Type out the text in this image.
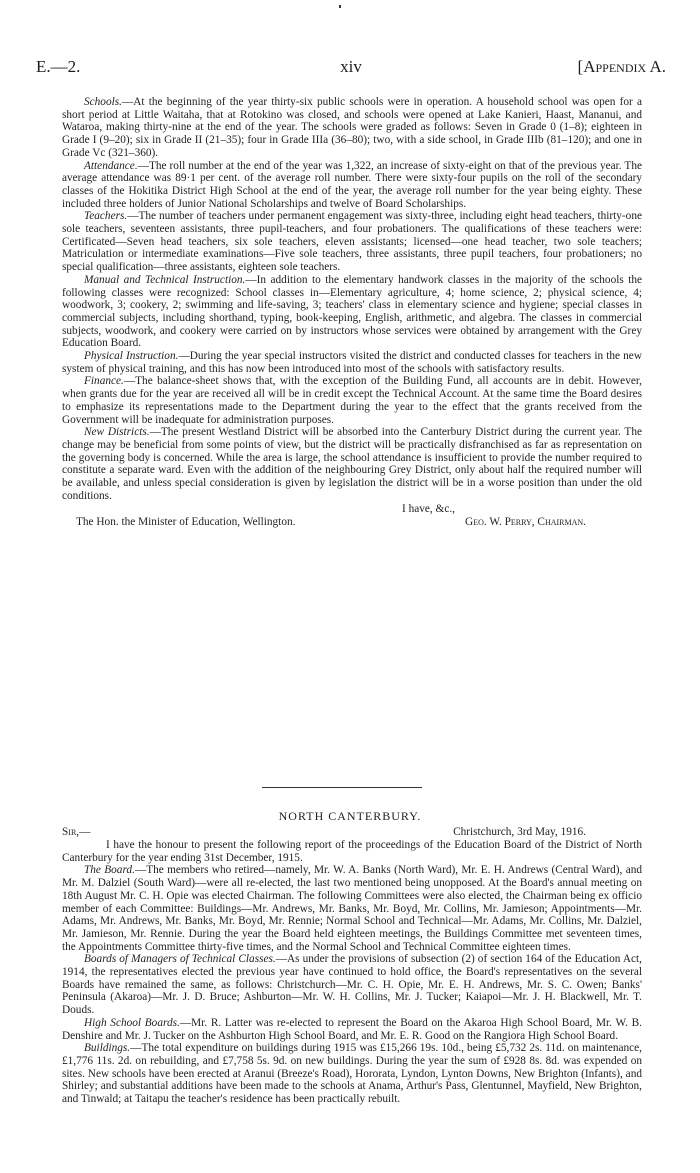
E.—2.	xiv	[Appendix A.

Schools.—At the beginning of the year thirty-six public schools were in operation. A household school was open for a short period at Little Waitaha, that at Rotokino was closed, and schools were opened at Lake Kanieri, Haast, Mananui, and Wataroa, making thirty-nine at the end of the year. The schools were graded as follows: Seven in Grade 0 (1–8); eighteen in Grade I (9–20); six in Grade II (21–35); four in Grade IIIa (36–80); two, with a side school, in Grade IIIb (81–120); and one in Grade Vc (321–360).

Attendance.—The roll number at the end of the year was 1,322, an increase of sixty-eight on that of the previous year. The average attendance was 89·1 per cent. of the average roll number. There were sixty-four pupils on the roll of the secondary classes of the Hokitika District High School at the end of the year, the average roll number for the year being eighty. These included three holders of Junior National Scholarships and twelve of Board Scholarships.

Teachers.—The number of teachers under permanent engagement was sixty-three, including eight head teachers, thirty-one sole teachers, seventeen assistants, three pupil-teachers, and four probationers. The qualifications of these teachers were: Certificated—Seven head teachers, six sole teachers, eleven assistants; licensed—one head teacher, two sole teachers; Matriculation or intermediate examinations—Five sole teachers, three assistants, three pupil teachers, four probationers; no special qualification—three assistants, eighteen sole teachers.

Manual and Technical Instruction.—In addition to the elementary handwork classes in the majority of the schools the following classes were recognized: School classes in—Elementary agriculture, 4; home science, 2; physical science, 4; woodwork, 3; cookery, 2; swimming and life-saving, 3; teachers' class in elementary science and hygiene; special classes in commercial subjects, including shorthand, typing, book-keeping, English, arithmetic, and algebra. The classes in commercial subjects, woodwork, and cookery were carried on by instructors whose services were obtained by arrangement with the Grey Education Board.

Physical Instruction.—During the year special instructors visited the district and conducted classes for teachers in the new system of physical training, and this has now been introduced into most of the schools with satisfactory results.

Finance.—The balance-sheet shows that, with the exception of the Building Fund, all accounts are in debit. However, when grants due for the year are received all will be in credit except the Technical Account. At the same time the Board desires to emphasize its representations made to the Department during the year to the effect that the grants received from the Government will be inadequate for administration purposes.

New Districts.—The present Westland District will be absorbed into the Canterbury District during the current year. The change may be beneficial from some points of view, but the district will be practically disfranchised as far as representation on the governing body is concerned. While the area is large, the school attendance is insufficient to provide the number required to constitute a separate ward. Even with the addition of the neighbouring Grey District, only about half the required number will be available, and unless special consideration is given by legislation the district will be in a worse position than under the old conditions.

I have, &c.,
The Hon. the Minister of Education, Wellington.	Geo. W. Perry, Chairman.
NORTH CANTERBURY.
Sir,—	Christchurch, 3rd May, 1916.

I have the honour to present the following report of the proceedings of the Education Board of the District of North Canterbury for the year ending 31st December, 1915.

The Board.—The members who retired—namely, Mr. W. A. Banks (North Ward), Mr. E. H. Andrews (Central Ward), and Mr. M. Dalziel (South Ward)—were all re-elected, the last two mentioned being unopposed. At the Board's annual meeting on 18th August Mr. C. H. Opie was elected Chairman. The following Committees were also elected, the Chairman being ex officio member of each Committee: Buildings—Mr. Andrews, Mr. Banks, Mr. Boyd, Mr. Collins, Mr. Jamieson; Appointments—Mr. Adams, Mr. Andrews, Mr. Banks, Mr. Boyd, Mr. Rennie; Normal School and Technical—Mr. Adams, Mr. Collins, Mr. Dalziel, Mr. Jamieson, Mr. Rennie. During the year the Board held eighteen meetings, the Buildings Committee met seventeen times, the Appointments Committee thirty-five times, and the Normal School and Technical Committee eighteen times.

Boards of Managers of Technical Classes.—As under the provisions of subsection (2) of section 164 of the Education Act, 1914, the representatives elected the previous year have continued to hold office, the Board's representatives on the several Boards have remained the same, as follows: Christchurch—Mr. C. H. Opie, Mr. E. H. Andrews, Mr. S. C. Owen; Banks' Peninsula (Akaroa)—Mr. J. D. Bruce; Ashburton—Mr. W. H. Collins, Mr. J. Tucker; Kaiapoi—Mr. J. H. Blackwell, Mr. T. Douds.

High School Boards.—Mr. R. Latter was re-elected to represent the Board on the Akaroa High School Board, Mr. W. B. Denshire and Mr. J. Tucker on the Ashburton High School Board, and Mr. E. R. Good on the Rangiora High School Board.

Buildings.—The total expenditure on buildings during 1915 was £15,266 19s. 10d., being £5,732 2s. 11d. on maintenance, £1,776 11s. 2d. on rebuilding, and £7,758 5s. 9d. on new buildings. During the year the sum of £928 8s. 8d. was expended on sites. New schools have been erected at Aranui (Breeze's Road), Hororata, Lyndon, Lynton Downs, New Brighton (Infants), and Shirley; and substantial additions have been made to the schools at Anama, Arthur's Pass, Glentunnel, Mayfield, New Brighton, and Tinwald; at Taitapu the teacher's residence has been practically rebuilt.
